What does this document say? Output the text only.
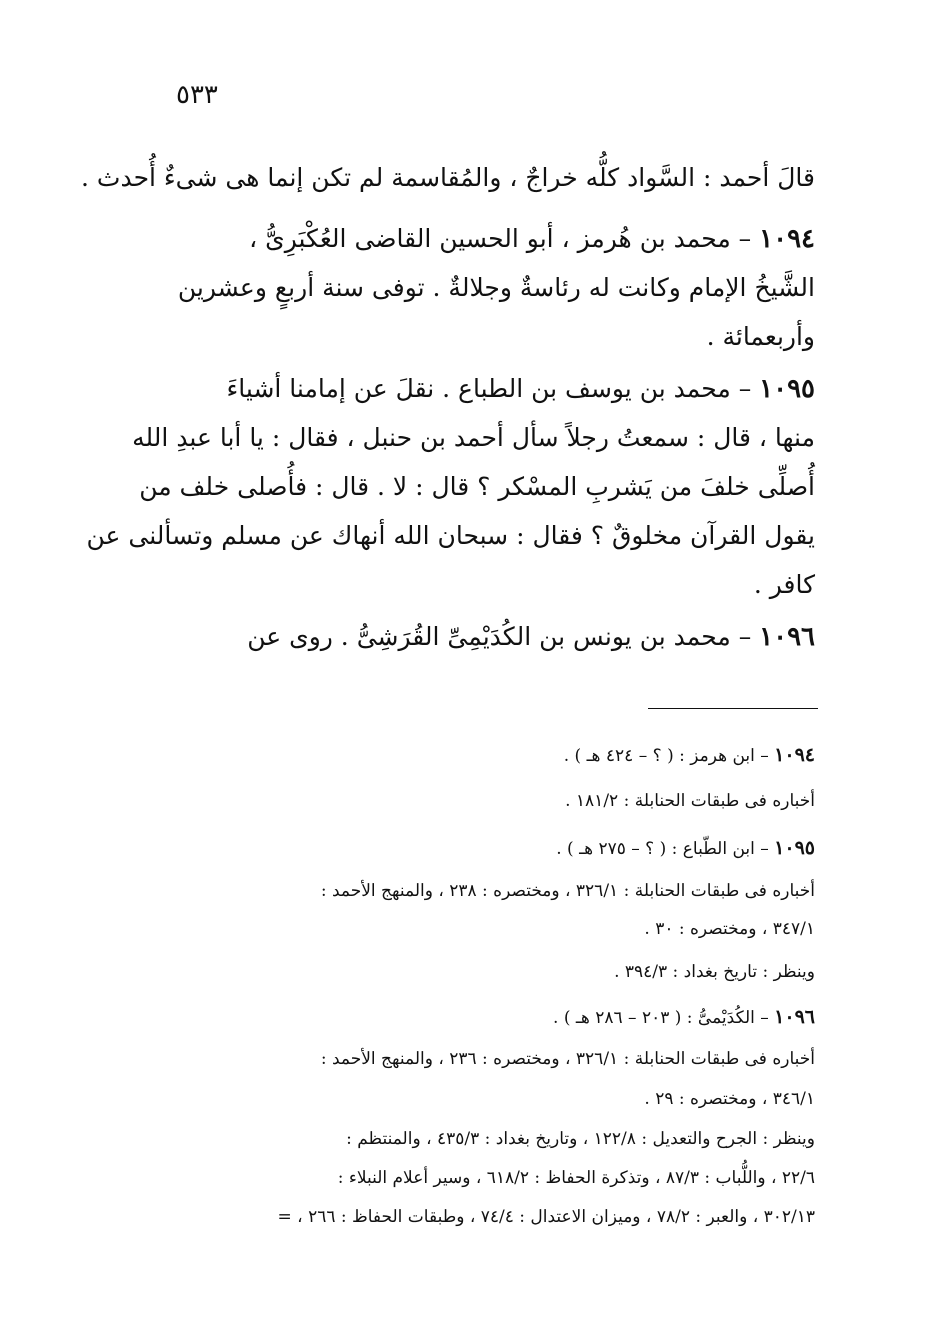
٥٣٣
قالَ أحمد : السَّواد كلُّه خراجٌ ، والمُقاسمة لم تكن إنما هى شىءٌ أُحدث .
١٠٩٤ – محمد بن هُرمز ، أبو الحسين القاضى العُكْبَرِىُّ ،
الشَّيخُ الإمام وكانت له رئاسةٌ وجلالةٌ . توفى سنة أربعٍ وعشرين
وأربعمائة .
١٠٩٥ – محمد بن يوسف بن الطباع . نقلَ عن إمامنا أشياءَ
منها ، قال : سمعتُ رجلاً سأل أحمد بن حنبل ، فقال : يا أبا عبدِ الله
أُصلِّى خلفَ من يَشربِ المسْكر ؟ قال : لا . قال : فأُصلى خلف من
يقول القرآن مخلوقٌ ؟ فقال : سبحان الله أنهاك عن مسلم وتسألنى عن
كافر .
١٠٩٦ – محمد بن يونس بن الكُدَيْمِىِّ القُرَشِىُّ . روى عن
١٠٩٤ – ابن هرمز : ( ؟ – ٤٢٤ هـ ) .
أخباره فى طبقات الحنابلة : ١٨١/٢ .
١٠٩٥ – ابن الطّباع : ( ؟ – ٢٧٥ هـ ) .
أخباره فى طبقات الحنابلة : ٣٢٦/١ ، ومختصره : ٢٣٨ ، والمنهج الأحمد :
٣٤٧/١ ، ومختصره : ٣٠ .
وينظر : تاريخ بغداد : ٣٩٤/٣ .
١٠٩٦ – الكُدَيْمىُّ : ( ٢٠٣ – ٢٨٦ هـ ) .
أخباره فى طبقات الحنابلة : ٣٢٦/١ ، ومختصره : ٢٣٦ ، والمنهج الأحمد :
٣٤٦/١ ، ومختصره : ٢٩ .
وينظر : الجرح والتعديل : ١٢٢/٨ ، وتاريخ بغداد : ٤٣٥/٣ ، والمنتظم :
٢٢/٦ ، واللُّباب : ٨٧/٣ ، وتذكرة الحفاظ : ٦١٨/٢ ، وسير أعلام النبلاء :
٣٠٢/١٣ ، والعبر : ٧٨/٢ ، وميزان الاعتدال : ٧٤/٤ ، وطبقات الحفاظ : ٢٦٦ ، =
